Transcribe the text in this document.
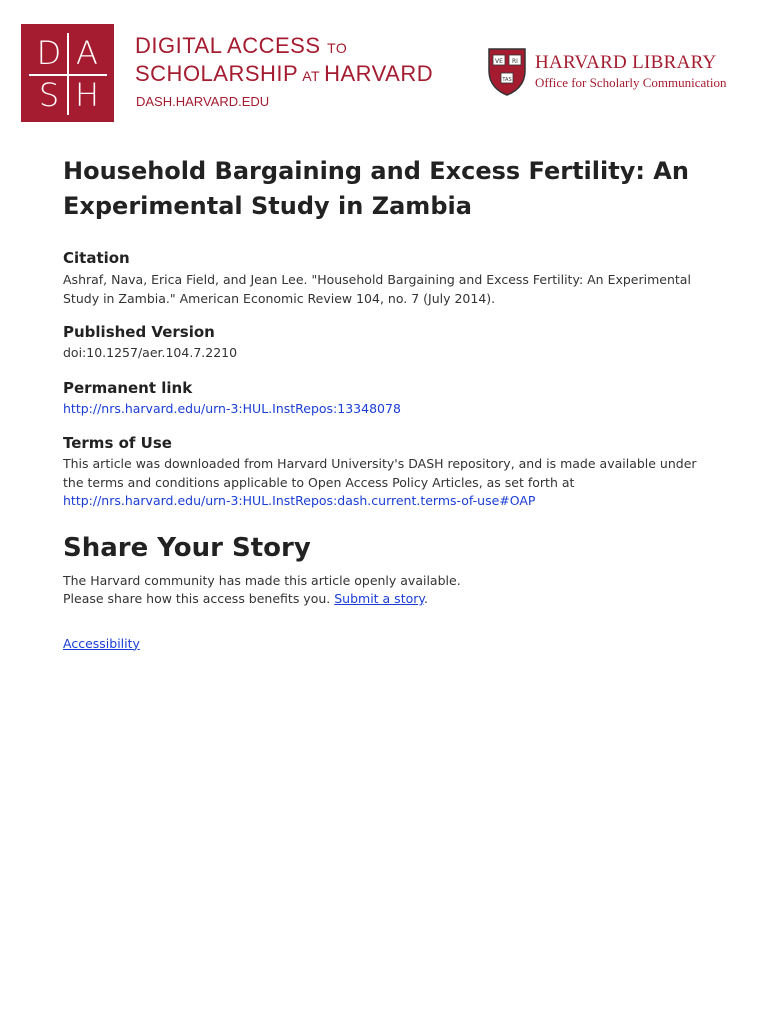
D A
S H
DIGITAL ACCESS TO
SCHOLARSHIP AT HARVARD
DASH.HARVARD.EDU
VE RI
TAS
HARVARD LIBRARY
Office for Scholarly Communication
Household Bargaining and Excess Fertility: An Experimental Study in Zambia
Citation

Ashraf, Nava, Erica Field, and Jean Lee. "Household Bargaining and Excess Fertility: An Experimental Study in Zambia." American Economic Review 104, no. 7 (July 2014).

Published Version

doi:10.1257/aer.104.7.2210

Permanent link

http://nrs.harvard.edu/urn-3:HUL.InstRepos:13348078

Terms of Use

This article was downloaded from Harvard University's DASH repository, and is made available under the terms and conditions applicable to Open Access Policy Articles, as set forth at http://nrs.harvard.edu/urn-3:HUL.InstRepos:dash.current.terms-of-use#OAP

Share Your Story

The Harvard community has made this article openly available.

Please share how this access benefits you. Submit a story.

Accessibility
